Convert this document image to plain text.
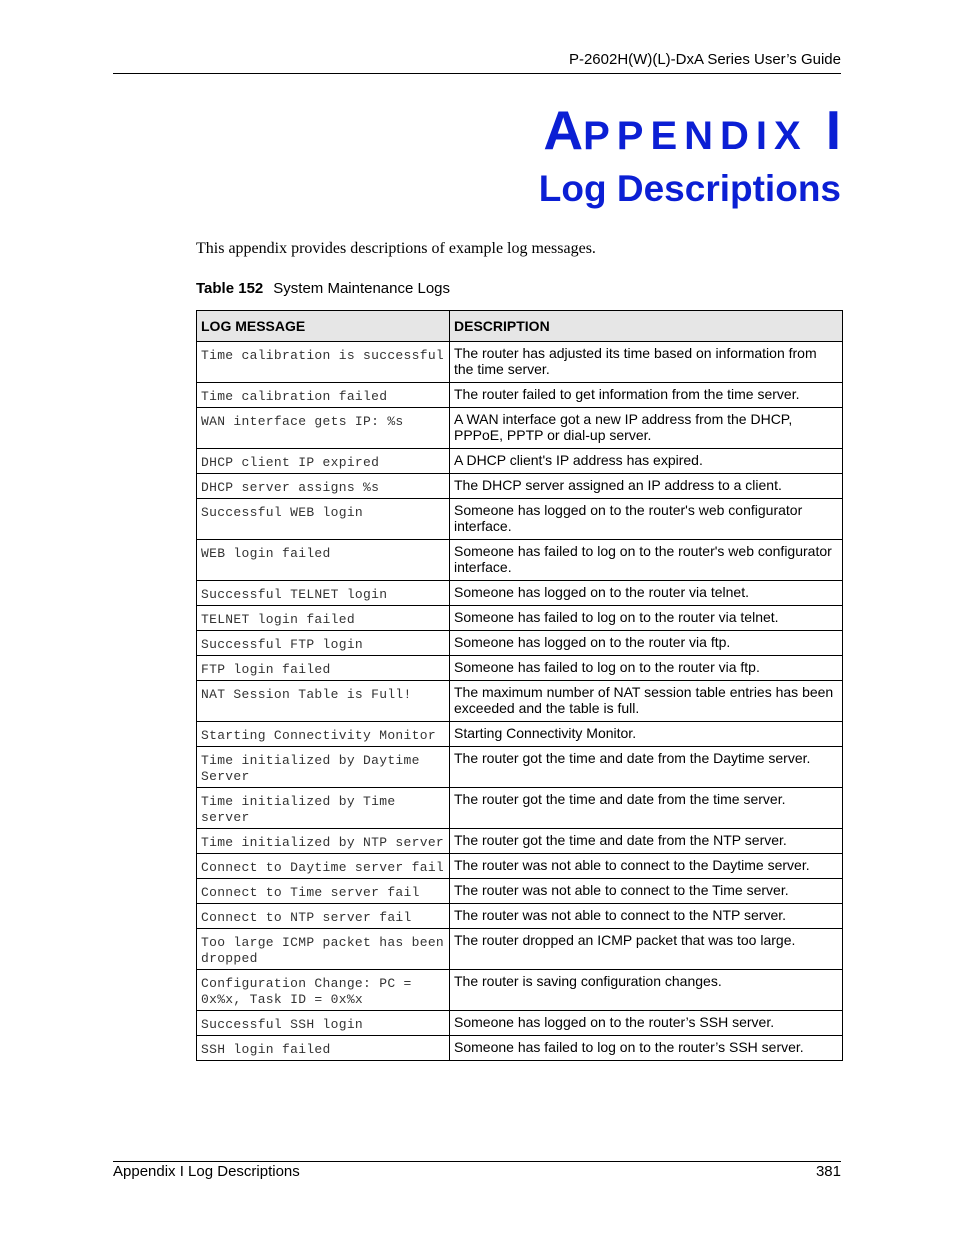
P-2602H(W)(L)-DxA Series User’s Guide
APPENDIX I
Log Descriptions
This appendix provides descriptions of example log messages.
Table 152 System Maintenance Logs
LOG MESSAGE	DESCRIPTION
Time calibration is successful	The router has adjusted its time based on information from the time server.
Time calibration failed	The router failed to get information from the time server.
WAN interface gets IP: %s	A WAN interface got a new IP address from the DHCP, PPPoE, PPTP or dial-up server.
DHCP client IP expired	A DHCP client's IP address has expired.
DHCP server assigns %s	The DHCP server assigned an IP address to a client.
Successful WEB login	Someone has logged on to the router's web configurator interface.
WEB login failed	Someone has failed to log on to the router's web configurator interface.
Successful TELNET login	Someone has logged on to the router via telnet.
TELNET login failed	Someone has failed to log on to the router via telnet.
Successful FTP login	Someone has logged on to the router via ftp.
FTP login failed	Someone has failed to log on to the router via ftp.
NAT Session Table is Full!	The maximum number of NAT session table entries has been exceeded and the table is full.
Starting Connectivity Monitor	Starting Connectivity Monitor.
Time initialized by Daytime Server	The router got the time and date from the Daytime server.
Time initialized by Time server	The router got the time and date from the time server.
Time initialized by NTP server	The router got the time and date from the NTP server.
Connect to Daytime server fail	The router was not able to connect to the Daytime server.
Connect to Time server fail	The router was not able to connect to the Time server.
Connect to NTP server fail	The router was not able to connect to the NTP server.
Too large ICMP packet has been dropped	The router dropped an ICMP packet that was too large.
Configuration Change: PC = 0x%x, Task ID = 0x%x	The router is saving configuration changes.
Successful SSH login	Someone has logged on to the router’s SSH server.
SSH login failed	Someone has failed to log on to the router’s SSH server.
Appendix I Log Descriptions	381
